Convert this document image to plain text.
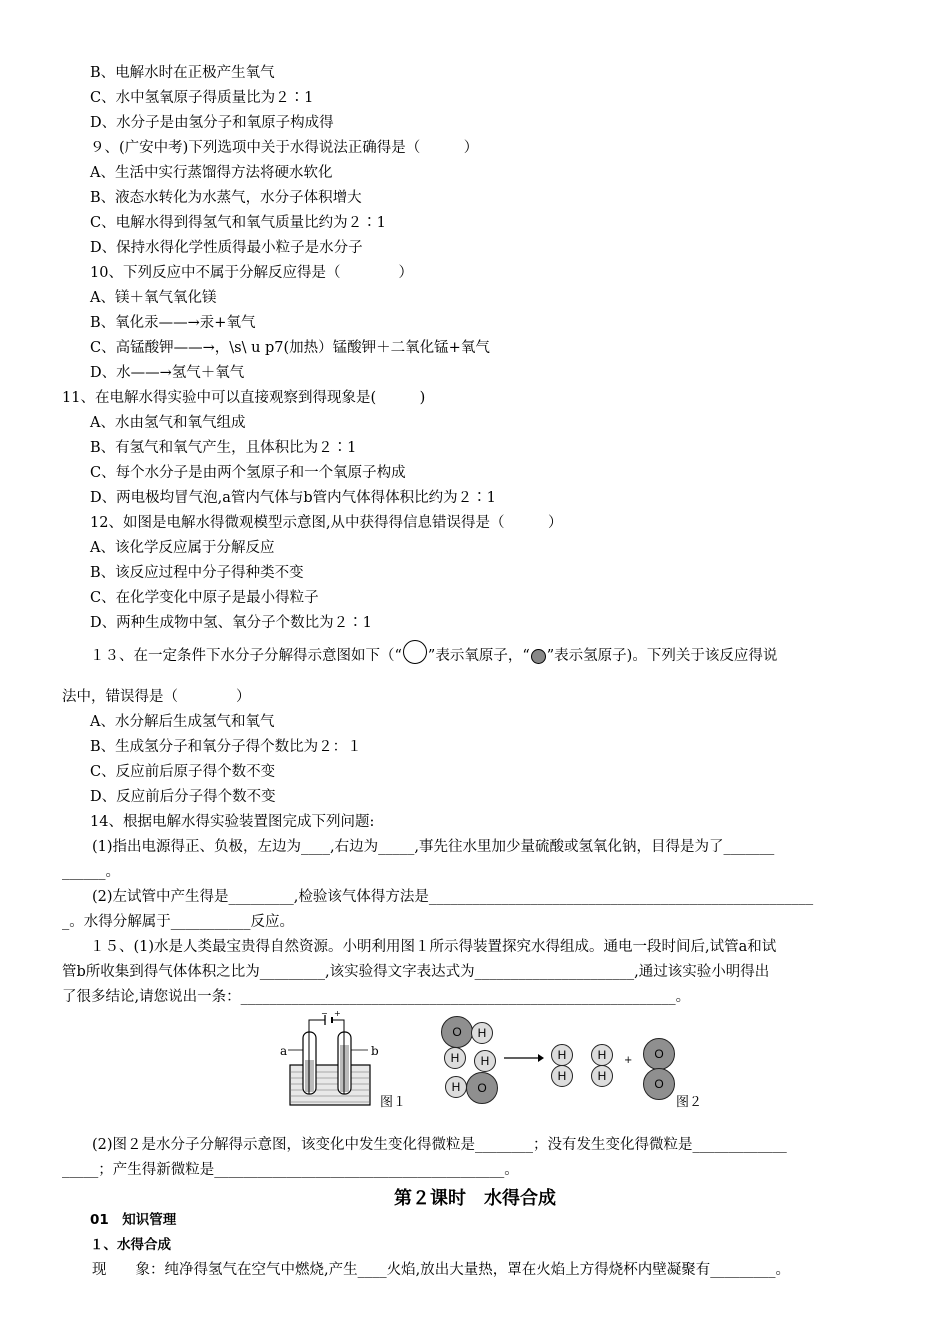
B、电解水时在正极产生氧气
C、水中氢氧原子得质量比为２∶1
D、水分子是由氢分子和氧原子构成得
９、(广安中考)下列选项中关于水得说法正确得是（　　　）
A、生活中实行蒸馏得方法将硬水软化
B、液态水转化为水蒸气，水分子体积增大
C、电解水得到得氢气和氧气质量比约为２∶1
D、保持水得化学性质得最小粒子是水分子
10、下列反应中不属于分解反应得是（　　　　）
A、镁＋氧气氧化镁
B、氧化汞——→汞+氧气
C、高锰酸钾——→，\s\ u p7(加热）锰酸钾＋二氧化锰+氧气
D、水——→氢气＋氧气
11、在电解水得实验中可以直接观察到得现象是(　　　)
A、水由氢气和氧气组成
B、有氢气和氧气产生，且体积比为２∶1
C、每个水分子是由两个氢原子和一个氧原子构成
D、两电极均冒气泡,a管内气体与b管内气体得体积比约为２∶1
12、如图是电解水得微观模型示意图,从中获得得信息错误得是（　　　）
A、该化学反应属于分解反应
B、该反应过程中分子得种类不变
C、在化学变化中原子是最小得粒子
D、两种生成物中氢、氧分子个数比为２∶1
１３、在一定条件下水分子分解得示意图如下（“ ”表示氧原子，“ ”表示氢原子)。下列关于该反应得说
法中，错误得是（　　　　）
A、水分解后生成氢气和氧气
B、生成氢分子和氧分子得个数比为２：１
C、反应前后原子得个数不变
D、反应前后分子得个数不变
14、根据电解水得实验装置图完成下列问题:
(1)指出电源得正、负极，左边为____,右边为_____,事先往水里加少量硫酸或氢氧化钠，目得是为了_______
______。
(2)左试管中产生得是_________,检验该气体得方法是_____________________________________________________
_。水得分解属于___________反应。
１５、(1)水是人类最宝贵得自然资源。小明利用图１所示得装置探究水得组成。通电一段时间后,试管a和试
管b所收集到得气体体积之比为_________,该实验得文字表达式为______________________,通过该实验小明得出
了很多结论,请您说出一条：____________________________________________________________。
− +
a	b
图１
O H
H H
H O
→ H
H
H
H
+ O
O
图２
(2)图２是水分子分解得示意图，该变化中发生变化得微粒是________；没有发生变化得微粒是_____________
_____；产生得新微粒是________________________________________。
第２课时　水得合成
01　知识管理
１、水得合成
现　　象：纯净得氢气在空气中燃烧,产生____火焰,放出大量热，罩在火焰上方得烧杯内壁凝聚有_________。
